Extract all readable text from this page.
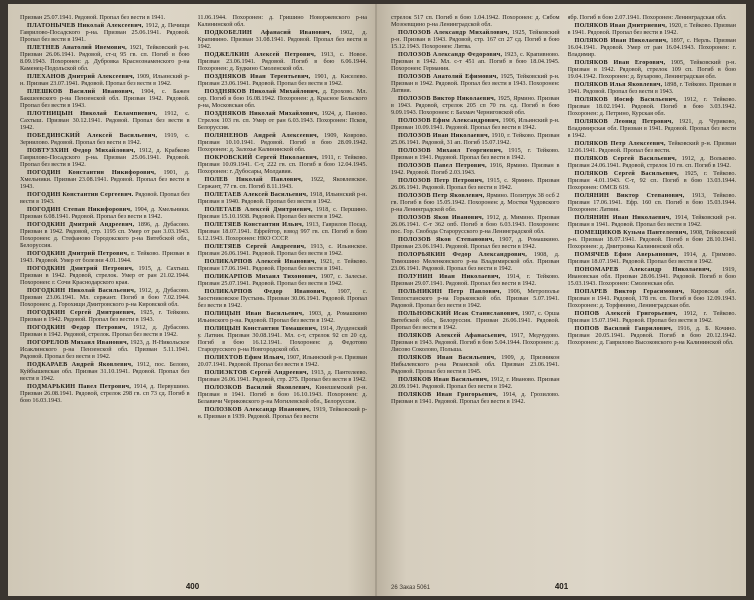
Призван 25.07.1941. Рядовой. Пропал без вести в 1941.

ПЛАТОНЫЧЕВ Николай Алексеевич, 1912, д. Печищи Гаврилово-Посадского р-на. Призван 25.06.1941. Рядовой. Пропал без вести в 1941.

ПЛЕТНЕВ Анатолий Ивемович, 1921, Тейковский р-н. Призван 26.06.1941. Рядовой, ст-ц 95 гв. сп. Погиб в бою 8.09.1943. Похоронен: д. Дубровка Краснознаменского р-на Каменец-Подольской обл.

ПЛЕХАНОВ Дмитрий Алексеевич, 1909, Ильинский р-н. Призван 23.07.1941. Рядовой. Пропал без вести в 1942.

ПЛЕШКОВ Василий Иванович, 1904, с. Бажен Бакшеевского р-на Пензенской обл. Призван 1942. Рядовой. Пропал без вести в 1943.

ПЛОТНИЦЫН Николай Евлампиевич, 1912, с. Сахтыш. Призван 30.12.1941. Рядовой. Пропал без вести в 1942.

ПОБЕДИНСКИЙ Алексей Васильевич, 1919, с. Зернилово. Рядовой. Пропал без вести в 1942.

ПОВТУЗХИН Федор Михайлович, 1912, д. Крабково Гаврилово-Посадского р-на. Призван 25.06.1941. Рядовой. Пропал без вести в 1942.

ПОГОДИН Константин Никифорович, 1901, д. Хмельники. Призван 23.08.1941. Рядовой. Пропал без вести в 1943.

ПОГОДИН Константин Сергеевич. Рядовой. Пропал без вести в 1943.

ПОГОДИН Степан Никифорович, 1904, д. Хмельники. Призван 6.08.1941. Рядовой. Пропал без вести в 1942.

ПОГОДКИН Дмитрий Андреевич, 1896, д. Дубасово. Призван в 1942. Рядовой, стр. 1195 сп. Умер от ран 3.03.1943. Похоронен: д. Стефаново Городокского р-на Витебской обл., Белоруссия.

ПОГОДКИН Дмитрий Петрович, г. Тейково. Призван в 1943. Рядовой. Умер от болезни 4.01.1944.

ПОГОДКИН Дмитрий Петрович, 1915, д. Сахтыш. Призван в 1942. Рядовой, стрелок. Умер от ран 21.02.1944. Похоронен: г. Сочи Краснодарского края.

ПОГОДКИН Николай Васильевич, 1912, д. Дубасово. Призван 23.06.1941. Мл. сержант. Погиб в бою 7.02.1944. Похоронен: д. Горохищи Дмитровского р-на Кировской обл.

ПОГОДКИН Сергей Дмитриевич, 1925, г. Тейково. Призван в 1942. Рядовой. Пропал без вести в 1943.

ПОГОДКИН Федор Петрович, 1912, д. Дубасово. Призван в 1942. Рядовой, стрелок. Пропал без вести в 1942.

ПОГОРЕЛОВ Михаил Иванович, 1923, д. Н-Никольское Исаклинского р-на Пензенской обл. Призван 5.11.1941. Рядовой. Пропал без вести в 1942.

ПОДКАРАЕВ Андрей Яковлевич, 1912, пос. Белово, Куйбышевская обл. Призван 31.10.1941. Рядовой. Пропал без вести в 1942.

ПОДМАРЬКИН Павел Петрович, 1914, д. Первушино. Призван 26.08.1941. Рядовой, стрелок 298 гв. сп 73 сд. Погиб в бою 16.03.1943.

11.06.1944. Похоронен: д. Гришино Новоржевского р-на Калининской обл.

ПОДКОБЕЛИН Афанасий Иванович, 1902, д. Крапивино. Призван 31.08.1941. Рядовой. Пропал без вести в 1942.

ПОДЖЕЛКИН Алексей Петрович, 1913, с. Новое. Призван 23.06.1941. Рядовой. Погиб в бою 6.06.1944. Похоронен: д. Будкино Смоленской обл.

ПОЗДНЯКОВ Иван Терентьевич, 1901, д. Киселево. Призван 23.06.1941. Рядовой. Пропал без вести в 1942.

ПОЗДНЯКОВ Николай Михайлович, д. Ерохово. Мл. сер. Погиб в бою 16.08.1942. Похоронен: д. Красное Бельского р-на, Московская обл.

ПОЗДНЯКОВ Николай Михайлович, 1924, д. Паново. Стрелок 103 гв. сп. Умер от ран 6.03.1943. Похоронен: Псков, Белоруссия.

ПОЛЯНЕНОВ Андрей Алексеевич, 1909, Коврово. Призван 10.10.1941. Рядовой. Погиб в бою 28.09.1942. Похоронен: д. Залохье Калининской обл.

ПОКРОВСКИЙ Сергей Николаевич, 1911, г. Тейково. Призван 10.09.1941. С-т, 222 гв. сп. Погиб в бою 12.04.1945. Похоронен: г. Дубосары, Молдавия.

ПОЛЕВ Николай Павлович, 1922, Яковлевское. Сержант, 77 гв. сп. Погиб 8.11.1943.

ПОЛЕТАЕВ Алексей Васильевич, 1918, Ильинский р-н. Призван в 1940. Рядовой. Пропал без вести в 1942.

ПОЛЕТАЕВ Алексей Дмитриевич, 1918, с. Першино. Призван 15.10.1938. Рядовой. Пропал без вести в 1942.

ПОЛЕТЯЕВ Константин Ильич, 1913, Гаврилов Посад. Призван 18.07.1941. Ефрейтор, взвод 997 гв. сп. Погиб в бою 6.12.1943. Похоронен: НКО СССР.

ПОЛЕТЯЕВ Сергей Андреевич, 1913, с. Ильинское. Призван 26.06.1941. Рядовой. Пропал без вести в 1942.

ПОЛИКАРПОВ Алексей Иванович, 1921, г. Тейково. Призван 17.06.1941. Рядовой. Пропал без вести в 1941.

ПОЛИКАРПОВ Михаил Тихонович, 1907, с. Залесье. Призван 25.07.1941. Рядовой. Пропал без вести в 1942.

ПОЛИКАРПОВ Федор Иванович, 1907, с. Заостниковское Пустынь. Призван 30.06.1941. Рядовой. Пропал без вести в 1942.

ПОЛИЦЫН Иван Васильевич, 1903, д. Ромашкино Ильинского р-на. Рядовой. Пропал без вести в 1942.

ПОЛИЦЫН Константин Томашевич, 1914, Лузденский у. Латвия. Призван 30.08.1941. Мл. с-т, стрелок 92 сп 20 сд. Погиб в бою 16.12.1941. Похоронен: д. Федотово Старорусского р-на Новгородской обл.

ПОЛИХТОВ Ефим Ильич, 1907, Ильинский р-н. Призван 20.07.1941. Рядовой. Пропал без вести в 1942.

ПОЛИЭКТОВ Сергей Андреевич, 1913, д. Пантелеево. Призван 26.06.1941. Рядовой, стр. 275. Пропал без вести в 1942.

ПОЛОЗКОВ Василий Яковлевич, Кинешемский р-н. Призван в 1941. Погиб в бою 16.10.1943. Похоронен: д. Белавичи Чериковского р-на Могилевской обл., Белоруссия.

ПОЛОЗКОВ Александр Иванович, 1919, Тейковский р-н. Призван в 1939. Рядовой. Пропал без вести

400

стрелок 517 сп. Погиб в бою 1.04.1942. Похоронен: д. Сябом Мозоевщино р-на Ленинградской обл.

ПОЛОЗОВ Александр Михайлович, 1925, Тейковский р-н. Призван в 1943. Рядовой, стр. 167 сп 27 сд. Погиб в бою 15.12.1943. Похоронен: Литва.

ПОЛОЗОВ Александр Федорович, 1923, с. Крапивново. Призван в 1942. Мл. с-т 451 ап. Погиб в бою 18.04.1945. Похоронен: Германия.

ПОЛОЗОВ Анатолий Ефимович, 1925, Тейковский р-н. Призван в 1942. Рядовой. Пропал без вести в 1943. Похоронен: Латвия.

ПОЛОЗОВ Виктор Николаевич, 1925, Ярмино. Призван в 1943. Рядовой, стрелок 205 сп 70 гв. сд. Погиб в бою 9.09.1943. Похоронен: г. Бахмач Черниговской обл.

ПОЛОЗОВ Ефим Александрович, 1906, Ильинский р-н. Призван 10.09.1941. Рядовой. Пропал без вести в 1942.

ПОЛОЗОВ Иван Николаевич, 1910, г. Тейково. Призван 25.06.1941. Рядовой, 31 ап. Погиб 15.07.1942.

ПОЛОЗОВ Михаил Георгиевич, 1915, г. Тейково. Призван в 1941. Рядовой. Пропал без вести в 1942.

ПОЛОЗОВ Павел Петрович, 1916, Ярмино. Призван в 1942. Рядовой. Погиб 2.03.1943.

ПОЛОЗОВ Петр Петрович, 1915, с. Ярмино. Призван 26.06.1941. Рядовой. Пропал без вести в 1942.

ПОЛОЗОВ Петр Яковлевич, Ярмино. Политрук 38 осб 2 гв. Погиб в бою 15.05.1942. Похоронен: д. Мостки Чудовского р-на Ленинградской обл.

ПОЛОЗОВ Яков Иванович, 1912, д. Мимино. Призван 26.06.1941. С-т 362 опб. Погиб в бою 6.03.1943. Похоронен: пос. Гор. Свобода Старорусского р-на Ленинградской обл.

ПОЛОЗОВ Яков Степанович, 1907, д. Ромашкино. Призван 23.06.1941. Рядовой. Пропал без вести в 1942.

ПОЛОРЬЯКИН Федор Александрович, 1908, д. Тимошино Меленковского р-на Владимирской обл. Призван 23.06.1941. Рядовой. Пропал без вести в 1942.

ПОЛУНИН Иван Николаевич, 1914, г. Тейково. Призван 29.07.1941. Рядовой. Пропал без вести в 1942.

ПОЛЬНИКИН Петр Павлович, 1906, Метрополье Теплостанского р-на Горьковской обл. Призван 5.07.1941. Рядовой. Пропал без вести в 1942.

ПОЛЬНОВСКИЙ Исак Станиславович, 1907, с. Орша Витебской обл., Белоруссия. Призван 26.06.1941. Рядовой. Пропал без вести в 1942.

ПОЛЯКОВ Алексей Афанасьевич, 1917, Медчудово. Призван в 1943. Рядовой. Погиб в бою 5.04.1944. Похоронен: д. Лисово Соколово, Польша.

ПОЛЯКОВ Иван Васильевич, 1909, д. Призникон Нибылевского р-на Рязанской обл. Призван 23.06.1941. Рядовой. Пропал без вести в 1945.

ПОЛЯКОВ Иван Васильевич, 1912, г. Иваново. Призван 20.09.1941. Рядовой. Пропал без вести в 1942.

ПОЛЯКОВ Иван Григорьевич, 1914, д. Грозилово. Призван в 1941. Рядовой. Пропал без вести в 1942.

ябр. Погиб в бою 2.07.1941. Похоронен: Ленинградская обл.

ПОЛЯКОВ Иван Дмитриевич, 1920, г. Тейково. Призван в 1941. Рядовой. Пропал без вести в 1942.

ПОЛЯКОВ Иван Николаевич, 1897, с. Нерль. Призван 16.04.1941. Рядовой. Умер от ран 16.04.1943. Похоронен: г. Владимир.

ПОЛЯКОВ Иван Егорович, 1905, Тейковский р-н. Призван в 1942. Рядовой, стрелок 109 сп. Погиб в бою 19.04.1942. Похоронен: д. Бухарово, Ленинградская обл.

ПОЛЯКОВ Илья Яковлевич, 1898, г. Тейково. Призван в 1941. Рядовой. Пропал без вести в 1943.

ПОЛЯКОВ Иосиф Васильевич, 1912, г. Тейково. Призван 18.02.1941. Рядовой. Погиб в бою 3.03.1942. Похоронен: д. Петрино, Курская обл.

ПОЛЯКОВ Леонид Петрович, 1921, д. Чуриково, Владимирская обл. Призван в 1941. Рядовой. Пропал без вести в 1942.

ПОЛЯКОВ Петр Алексеевич, Тейковский р-н. Призван 12.06.1941. Рядовой. Пропал без вести.

ПОЛЯКОВ Сергей Васильевич, 1912, д. Вольково. Призван 24.06.1941. Рядовой, стрелок 10 гв. сп. Погиб в 1942.

ПОЛЯКОВ Сергей Васильевич, 1925, г. Тейково. Призван 4.01.1943. С-т, 92 сп. Погиб в бою 13.03.1944. Похоронен: ОМСБ 619.

ПОЛЯНИН Виктор Степанович, 1913, Тейково. Призван 17.06.1941. Ефр. 160 сп. Погиб в бою 15.03.1944. Похоронен: Латвия.

ПОЛЯНИН Иван Николаевич, 1914, Тейковский р-н. Призван в 1941. Рядовой. Пропал без вести в 1942.

ПОМЕЩИКОВ Кузьма Пантелеевич, 1908, Тейковский р-н. Призван 18.07.1941. Рядовой. Погиб в бою 28.10.1941. Похоронен: д. Дмитровка Калининской обл.

ПОМЯЧЕВ Ефим Аверьянович, 1914, д. Гримово. Призван 18.07.1941. Рядовой. Пропал без вести в 1942.

ПОНОМАРЕВ Александр Николаевич, 1919, Ивановская обл. Призван 28.06.1941. Рядовой. Погиб в бою 15.03.1943. Похоронен: Смоленская обл.

ПОПАРЕВ Виктор Герасимович, Кировская обл. Призван в 1941. Рядовой, 178 гв. сп. Погиб в бою 12.09.1943. Похоронен: д. Торфянино, Ленинградская обл.

ПОПОВ Алексей Григорьевич, 1912, г. Тейково. Призван 15.07.1941. Рядовой. Пропал без вести в 1942.

ПОПОВ Василий Гаврилович, 1916, д. Б. Кочино. Призван 20.05.1941. Рядовой. Погиб в бою 20.12.1942. Похоронен: д. Гаврилово Высоковского р-на Калининской обл.

26 Заказ 5061	401
